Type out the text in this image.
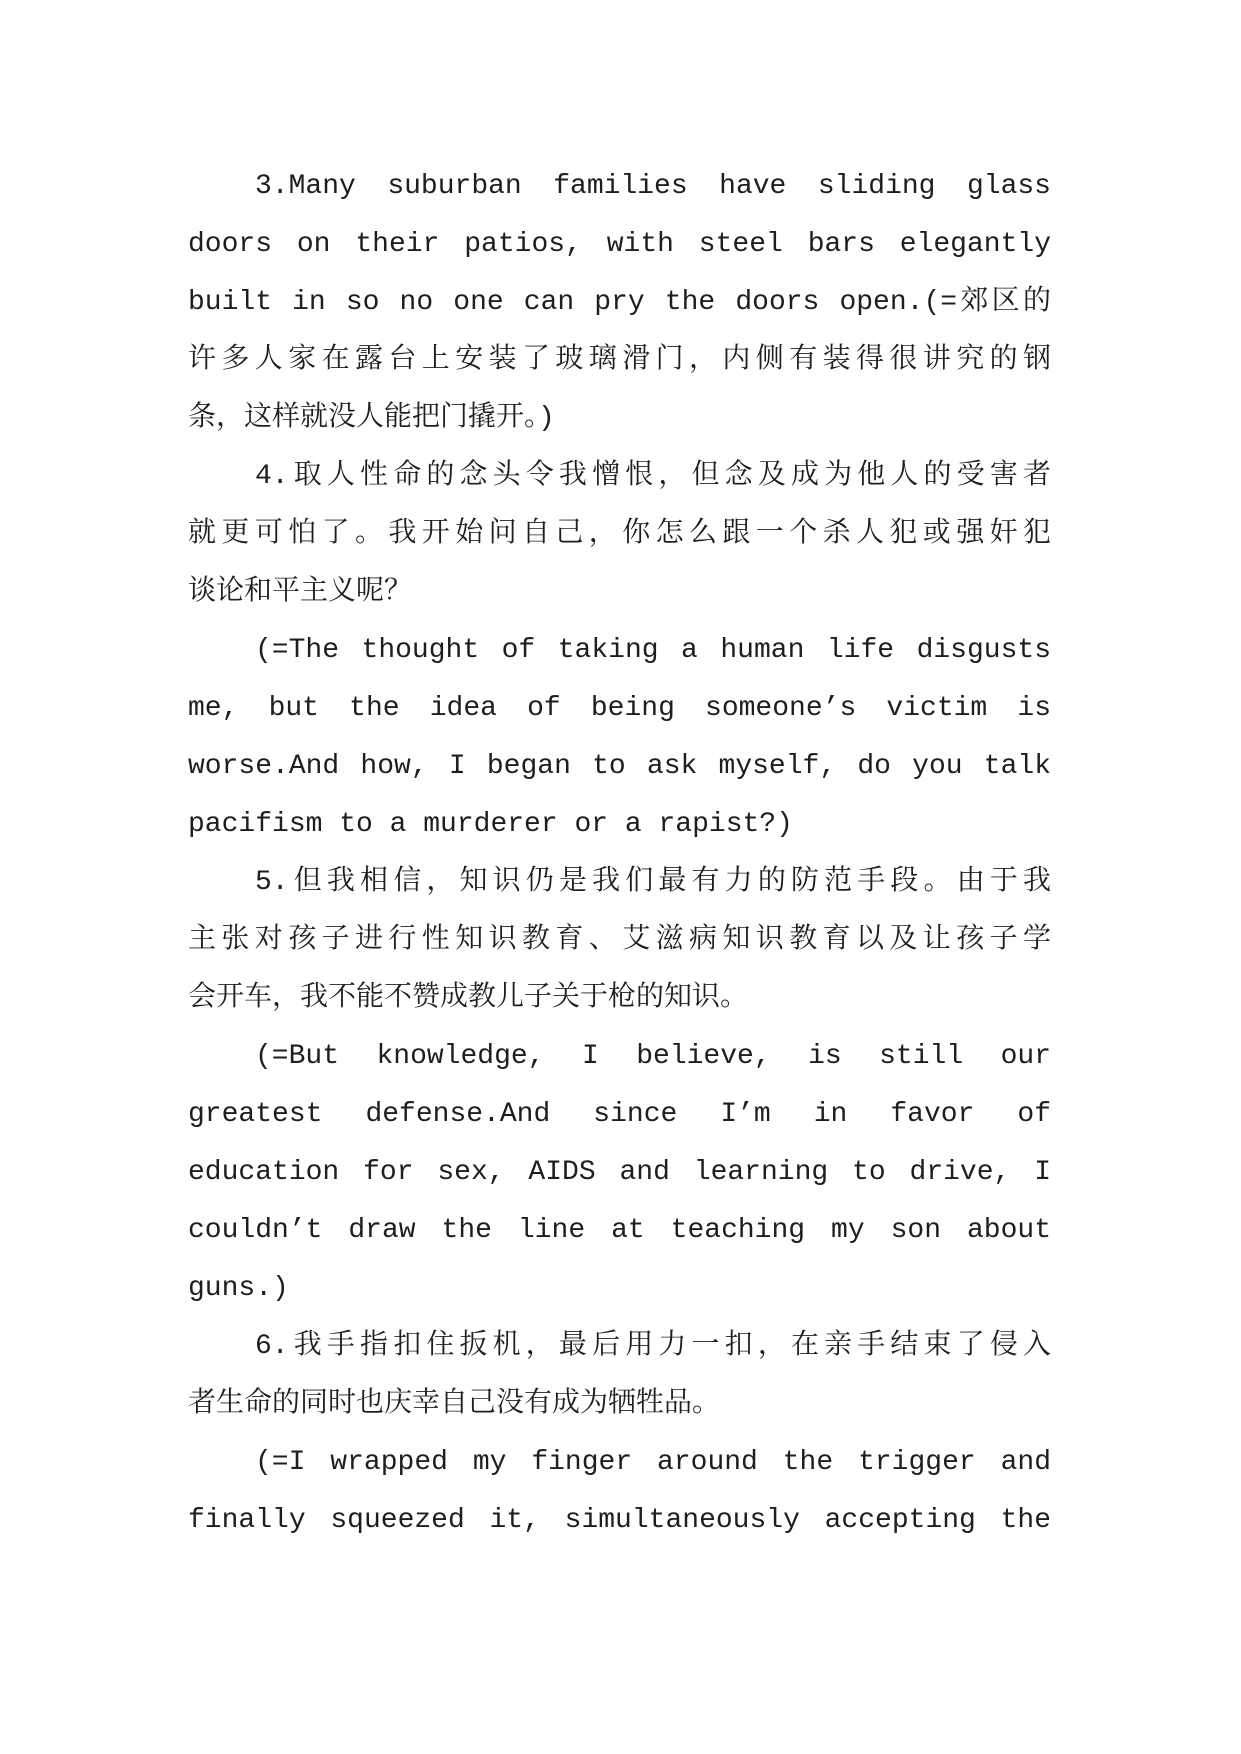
3.Many suburban families have sliding glass
doors on their patios, with steel bars elegantly
built in so no one can pry the doors open.(=郊区的
许多人家在露台上安装了玻璃滑门，内侧有装得很讲究的钢
条，这样就没人能把门撬开。)
4.取人性命的念头令我憎恨，但念及成为他人的受害者
就更可怕了。我开始问自己，你怎么跟一个杀人犯或强奸犯
谈论和平主义呢？
(=The thought of taking a human life disgusts
me, but the idea of being someone’s victim is
worse.And how, I began to ask myself, do you talk
pacifism to a murderer or a rapist?)
5.但我相信，知识仍是我们最有力的防范手段。由于我
主张对孩子进行性知识教育、艾滋病知识教育以及让孩子学
会开车，我不能不赞成教儿子关于枪的知识。
(=But knowledge, I believe, is still our
greatest defense.And since I’m in favor of
education for sex, AIDS and learning to drive, I
couldn’t draw the line at teaching my son about
guns.)
6.我手指扣住扳机，最后用力一扣，在亲手结束了侵入
者生命的同时也庆幸自己没有成为牺牲品。
(=I wrapped my finger around the trigger and
finally squeezed it, simultaneously accepting the
